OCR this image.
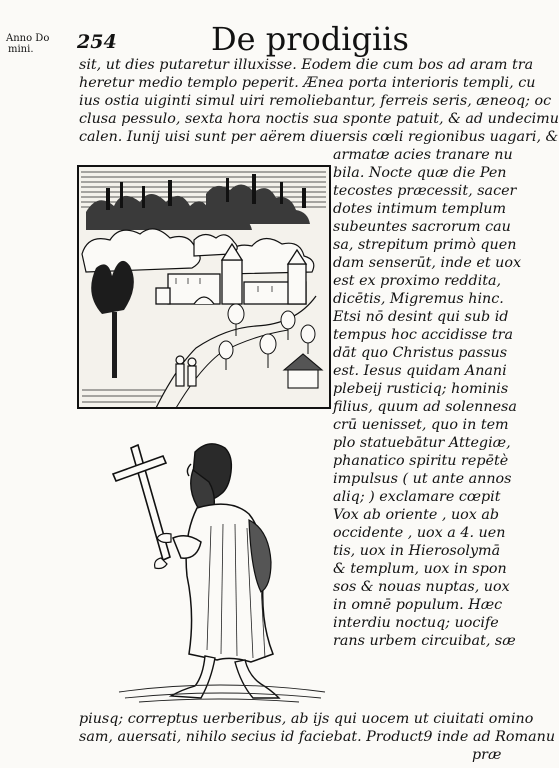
Anno Do
mini.	254	De prodigiis
sit, ut dies putaretur illuxisse. Eodem die cum bos ad aram tra
heretur medio templo peperit. Ænea porta interioris templi, cu
ius ostia uiginti simul uiri remoliebantur, ferreis seris, æneoq; oc
clusa pessulo, sexta hora noctis sua sponte patuit, & ad undecimu
calen. Iunij uisi sunt per aërem diuersis cœli regionibus uagari, &
armatæ acies tranare nu
bila. Nocte quæ die Pen
tecostes præcessit, sacer
dotes intimum templum
subeuntes sacrorum cau
sa, strepitum primò quen
dam senserūt, inde et uox
est ex proximo reddita,
dicētis, Migremus hinc.
Etsi nō desint qui sub id
tempus hoc accidisse tra
dāt quo Christus passus
est. Iesus quidam Anani
plebeij rusticiq; hominis
filius, quum ad solennesa
crū uenisset, quo in tem
plo statuebātur Attegiæ,
phanatico spiritu repētè
impulsus ( ut ante annos
aliq; ) exclamare cœpit
Vox ab oriente , uox ab
occidente , uox a 4. uen
tis, uox in Hierosolymā
& templum, uox in spon
sos & nouas nuptas, uox
in omnē populum. Hæc
interdiu noctuq; uocife
rans urbem circuibat, sæ
piusq; correptus uerberibus, ab ijs qui uocem ut ciuitati omino
sam, auersati, nihilo secius id faciebat. Product9 inde ad Romanu
præ
